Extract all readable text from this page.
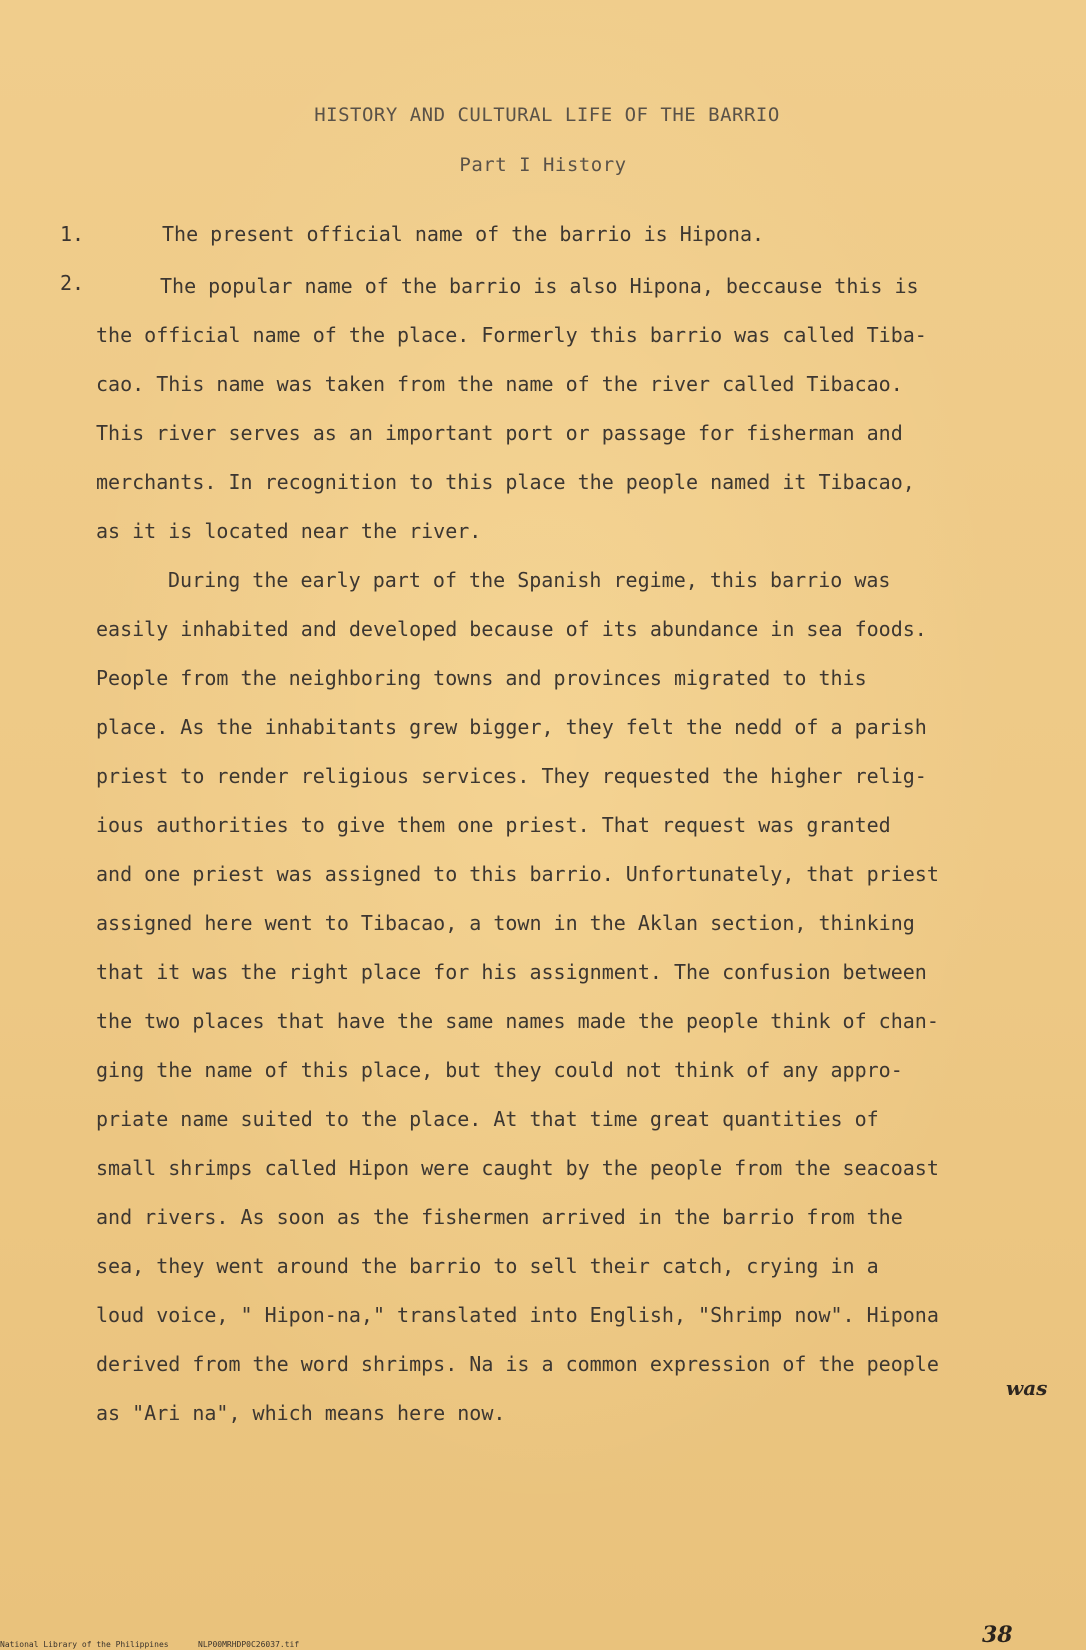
HISTORY AND CULTURAL LIFE OF THE BARRIO
Part I History
1.	The present official name of the barrio is Hipona.
2.	The popular name of the barrio is also Hipona, beccause this is
the official name of the place. Formerly this barrio was called Tiba-
cao. This name was taken from the name of the river called Tibacao.
This river serves as an important port or passage for fisherman and
merchants. In recognition to this place the people named it Tibacao,
as it is located near the river.
During the early part of the Spanish regime, this barrio was
easily inhabited and developed because of its abundance in sea foods.
People from the neighboring towns and provinces migrated to this
place. As the inhabitants grew bigger, they felt the nedd of a parish
priest to render religious services. They requested the higher relig-
ious authorities to give them one priest. That request was granted
and one priest was assigned to this barrio. Unfortunately, that priest
assigned here went to Tibacao, a town in the Aklan section, thinking
that it was the right place for his assignment. The confusion between
the two places that have the same names made the people think of chan-
ging the name of this place, but they could not think of any appro-
priate name suited to the place. At that time great quantities of
small shrimps called Hipon were caught by the people from the seacoast
and rivers. As soon as the fishermen arrived in the barrio from the
sea, they went around the barrio to sell their catch, crying in a
loud voice, " Hipon-na," translated into English, "Shrimp now". Hipona
derived from the word shrimps. Na is a common expression of the people
as "Ari na", which means here now.
was
National Library of the Philippines	NLP00MRHDP0C26037.tif	38
